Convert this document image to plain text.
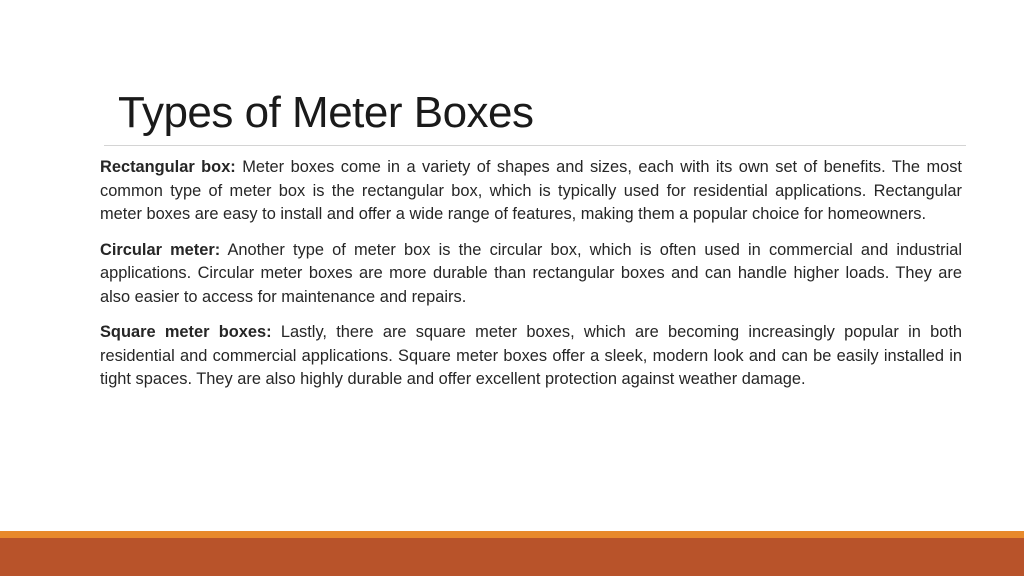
Types of Meter Boxes

Rectangular box: Meter boxes come in a variety of shapes and sizes, each with its own set of benefits. The most common type of meter box is the rectangular box, which is typically used for residential applications. Rectangular meter boxes are easy to install and offer a wide range of features, making them a popular choice for homeowners.

Circular meter: Another type of meter box is the circular box, which is often used in commercial and industrial applications. Circular meter boxes are more durable than rectangular boxes and can handle higher loads. They are also easier to access for maintenance and repairs.

Square meter boxes: Lastly, there are square meter boxes, which are becoming increasingly popular in both residential and commercial applications. Square meter boxes offer a sleek, modern look and can be easily installed in tight spaces. They are also highly durable and offer excellent protection against weather damage.
